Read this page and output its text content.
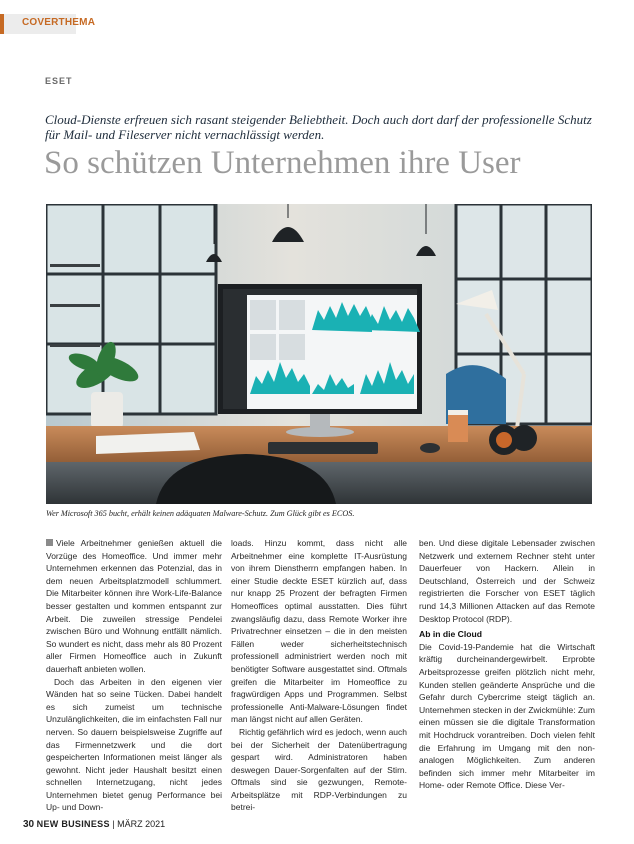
COVERTHEMA
ESET
Cloud-Dienste erfreuen sich rasant steigender Beliebtheit. Doch auch dort darf der professionelle Schutz für Mail- und Fileserver nicht vernachlässigt werden.
So schützen Unternehmen ihre User
Wer Microsoft 365 bucht, erhält keinen adäquaten Malware-Schutz. Zum Glück gibt es ECOS.

Viele Arbeitnehmer genießen aktuell die Vorzüge des Homeoffice. Und immer mehr Unternehmen erkennen das Potenzial, das in dem neuen Arbeitsplatzmodell schlummert. Die Mitarbeiter können ihre Work-Life-Balance besser gestalten und kommen entspannt zur Arbeit. Die zuweilen stressige Pendelei zwischen Büro und Wohnung entfällt nämlich. So wundert es nicht, dass mehr als 80 Prozent aller Firmen Homeoffice auch in Zukunft dauerhaft anbieten wollen.

Doch das Arbeiten in den eigenen vier Wänden hat so seine Tücken. Dabei handelt es sich zumeist um technische Unzulänglichkeiten, die im einfachsten Fall nur nerven. So dauern beispielsweise Zugriffe auf das Firmennetzwerk und die dort gespeicherten Informationen meist länger als gewohnt. Nicht jeder Haushalt besitzt einen schnellen Internetzugang, nicht jedes Unternehmen bietet genug Performance bei Up- und Down-

loads. Hinzu kommt, dass nicht alle Arbeitnehmer eine komplette IT-Ausrüstung von ihrem Dienstherrn empfangen haben. In einer Studie deckte ESET kürzlich auf, dass nur knapp 25 Prozent der befragten Firmen Homeoffices optimal ausstatten. Dies führt zwangsläufig dazu, dass Remote Worker ihre Privatrechner einsetzen – die in den meisten Fällen weder sicherheitstechnisch professionell administriert werden noch mit benötigter Software ausgestattet sind. Oftmals greifen die Mitarbeiter im Homeoffice zu fragwürdigen Apps und Programmen. Selbst professionelle Anti-Malware-Lösungen findet man längst nicht auf allen Geräten.

Richtig gefährlich wird es jedoch, wenn auch bei der Sicherheit der Datenübertragung gespart wird. Administratoren haben deswegen Dauer-Sorgenfalten auf der Stirn. Oftmals sind sie gezwungen, Remote-Arbeitsplätze mit RDP-Verbindungen zu betrei-

ben. Und diese digitale Lebensader zwischen Netzwerk und externem Rechner steht unter Dauerfeuer von Hackern. Allein in Deutschland, Österreich und der Schweiz registrierten die Forscher von ESET täglich rund 14,3 Millionen Attacken auf das Remote Desktop Protocol (RDP).

Ab in die Cloud

Die Covid-19-Pandemie hat die Wirtschaft kräftig durcheinandergewirbelt. Erprobte Arbeitsprozesse greifen plötzlich nicht mehr, Kunden stellen geänderte Ansprüche und die Gefahr durch Cybercrime steigt täglich an. Unternehmen stecken in der Zwickmühle: Zum einen müssen sie die digitale Transformation mit Hochdruck vorantreiben. Doch vielen fehlt die Erfahrung im Umgang mit den non-analogen Möglichkeiten. Zum anderen befinden sich immer mehr Mitarbeiter im Home- oder Remote Office. Diese Ver-

30 NEW BUSINESS | MÄRZ 2021
